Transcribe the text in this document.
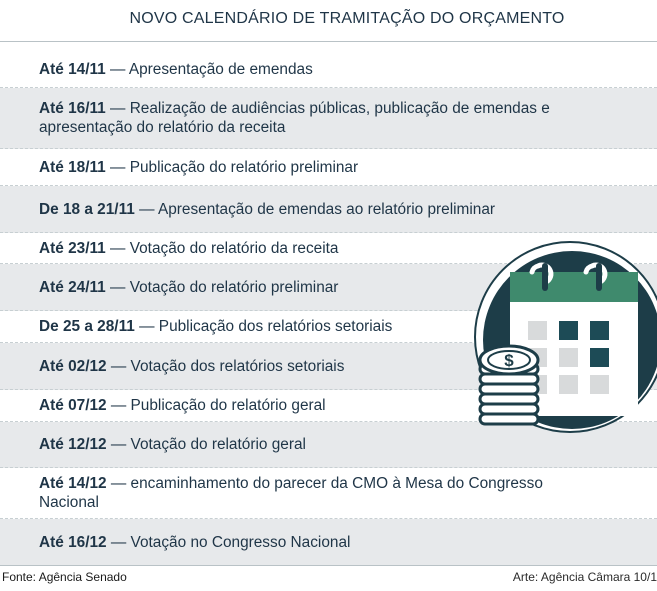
NOVO CALENDÁRIO DE TRAMITAÇÃO DO ORÇAMENTO
Até 14/11 — Apresentação de emendas
Até 16/11 — Realização de audiências públicas, publicação de emendas e apresentação do relatório da receita
Até 18/11 — Publicação do relatório preliminar
De 18 a 21/11 — Apresentação de emendas ao relatório preliminar
Até 23/11 — Votação do relatório da receita
Até 24/11 — Votação do relatório preliminar
De 25 a 28/11 — Publicação dos relatórios setoriais
Até 02/12 — Votação dos relatórios setoriais
Até 07/12 — Publicação do relatório geral
Até 12/12 — Votação do relatório geral
Até 14/12 — encaminhamento do parecer da CMO à Mesa do Congresso Nacional
Até 16/12 — Votação no Congresso Nacional
$
Fonte: Agência Senado	Arte: Agência Câmara 10/1
